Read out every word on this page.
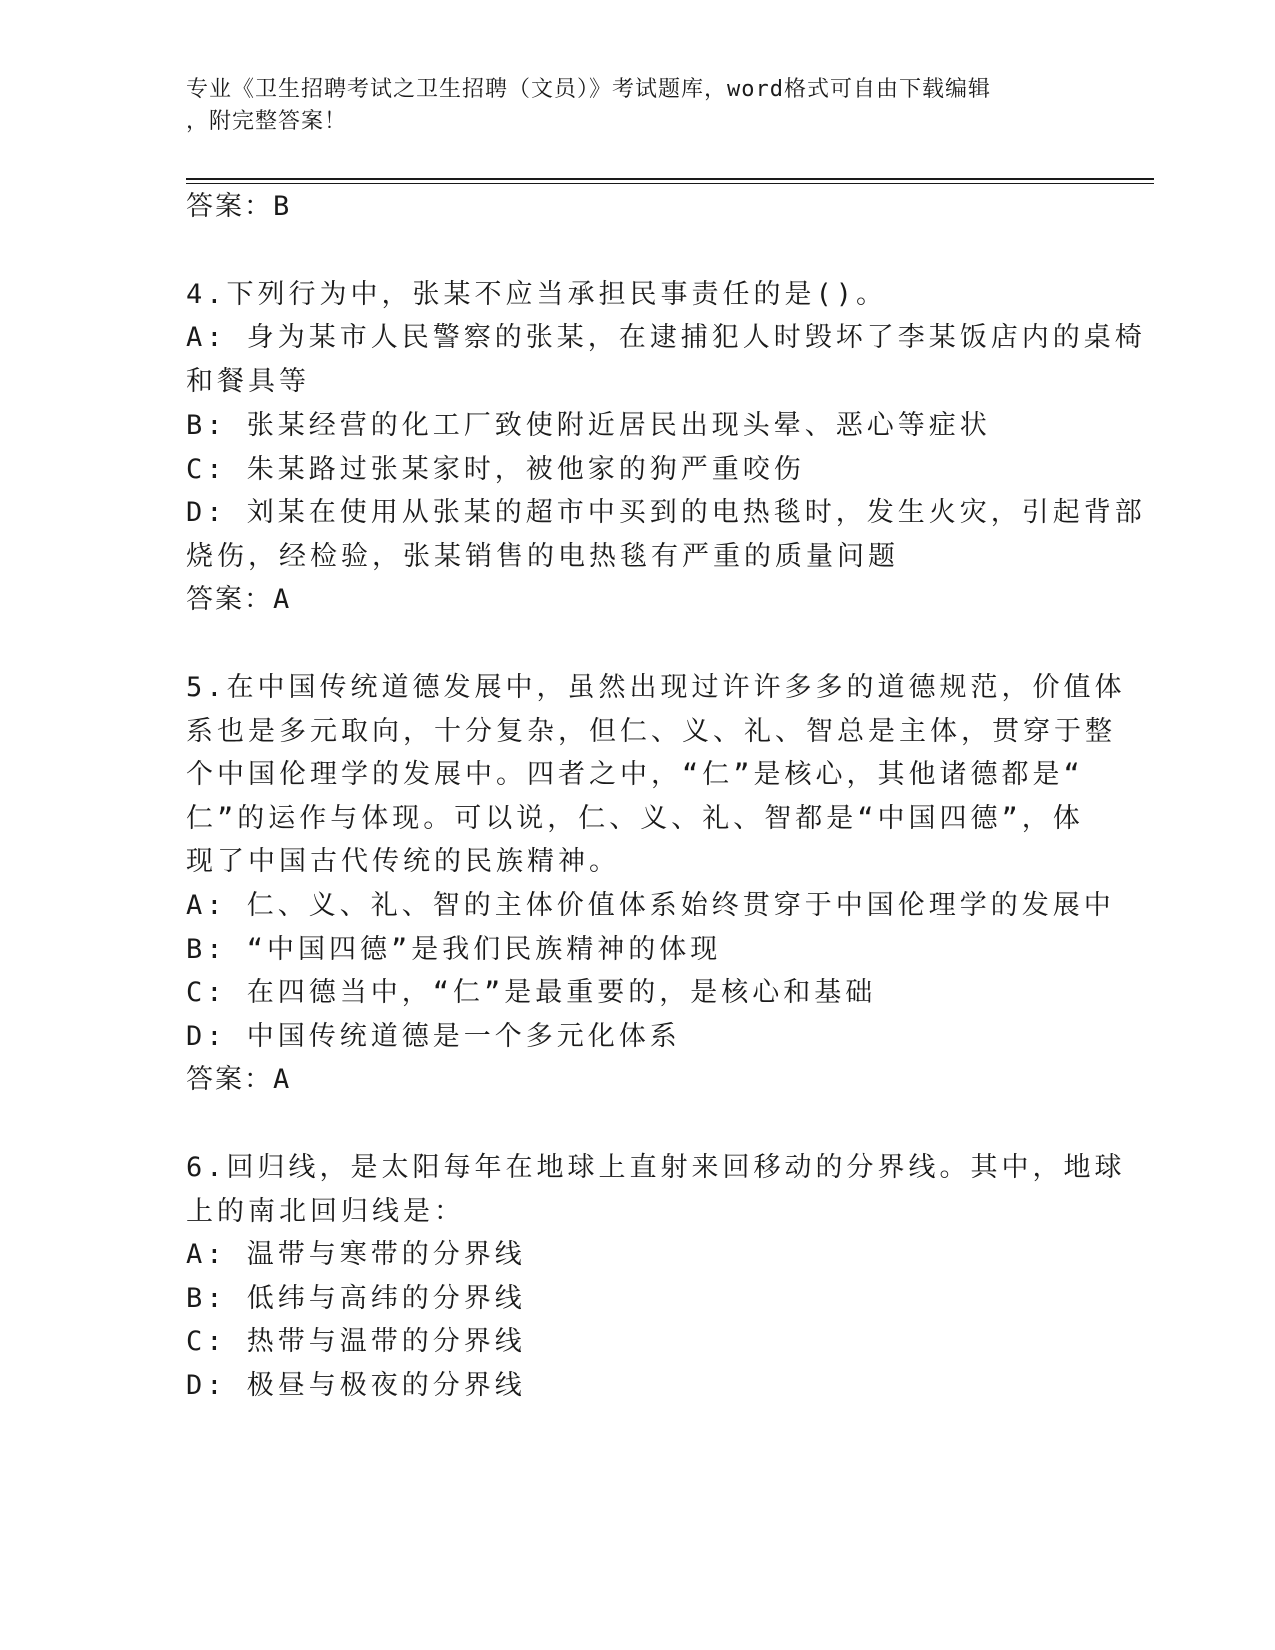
专业《卫生招聘考试之卫生招聘（文员）》考试题库，word格式可自由下载编辑
，附完整答案！
答案：B
4.下列行为中，张某不应当承担民事责任的是()。
A: 身为某市人民警察的张某，在逮捕犯人时毁坏了李某饭店内的桌椅
和餐具等
B: 张某经营的化工厂致使附近居民出现头晕、恶心等症状
C: 朱某路过张某家时，被他家的狗严重咬伤
D: 刘某在使用从张某的超市中买到的电热毯时，发生火灾，引起背部
烧伤，经检验，张某销售的电热毯有严重的质量问题
答案：A
5.在中国传统道德发展中，虽然出现过许许多多的道德规范，价值体
系也是多元取向，十分复杂，但仁、义、礼、智总是主体，贯穿于整
个中国伦理学的发展中。四者之中，“仁”是核心，其他诸德都是“
仁”的运作与体现。可以说，仁、义、礼、智都是“中国四德”，体
现了中国古代传统的民族精神。
A: 仁、义、礼、智的主体价值体系始终贯穿于中国伦理学的发展中
B: “中国四德”是我们民族精神的体现
C: 在四德当中，“仁”是最重要的，是核心和基础
D: 中国传统道德是一个多元化体系
答案：A
6.回归线，是太阳每年在地球上直射来回移动的分界线。其中，地球
上的南北回归线是：
A: 温带与寒带的分界线
B: 低纬与高纬的分界线
C: 热带与温带的分界线
D: 极昼与极夜的分界线
